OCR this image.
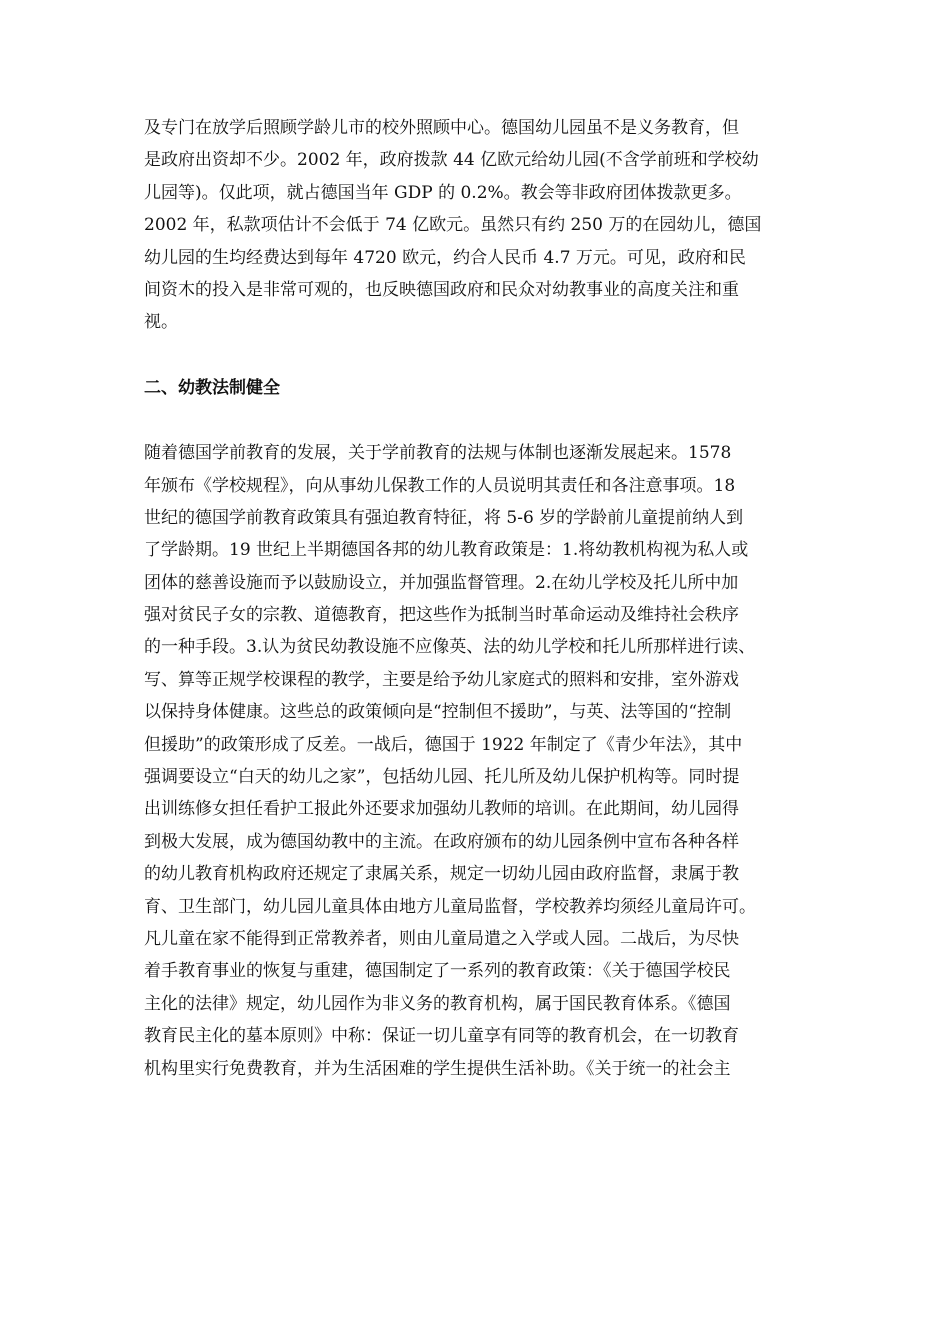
及专门在放学后照顾学龄儿市的校外照顾中心。德国幼儿园虽不是义务教育，但
是政府出资却不少。2002 年，政府拨款 44 亿欧元给幼儿园(不含学前班和学校幼
儿园等)。仅此项，就占德国当年 GDP 的 0.2%。教会等非政府团体拨款更多。
2002 年，私款项估计不会低于 74 亿欧元。虽然只有约 250 万的在园幼儿，德国
幼儿园的生均经费达到每年 4720 欧元，约合人民币 4.7 万元。可见，政府和民
间资木的投入是非常可观的，也反映德国政府和民众对幼教事业的高度关注和重
视。
二、幼教法制健全
随着德国学前教育的发展，关于学前教育的法规与体制也逐渐发展起来。1578
年颁布《学校规程》，向从事幼儿保教工作的人员说明其责任和各注意事项。18
世纪的德国学前教育政策具有强迫教育特征，将 5-6 岁的学龄前儿童提前纳人到
了学龄期。19 世纪上半期德国各邦的幼儿教育政策是：1.将幼教机构视为私人或
团体的慈善设施而予以鼓励设立，并加强监督管理。2.在幼儿学校及托儿所中加
强对贫民子女的宗教、道德教育，把这些作为抵制当时革命运动及维持社会秩序
的一种手段。3.认为贫民幼教设施不应像英、法的幼儿学校和托儿所那样进行读、
写、算等正规学校课程的教学，主要是给予幼儿家庭式的照料和安排，室外游戏
以保持身体健康。这些总的政策倾向是“控制但不援助”，与英、法等国的“控制
但援助”的政策形成了反差。一战后，德国于 1922 年制定了《青少年法》，其中
强调要设立“白天的幼儿之家”，包括幼儿园、托儿所及幼儿保护机构等。同时提
出训练修女担任看护工报此外还要求加强幼儿教师的培训。在此期间，幼儿园得
到极大发展，成为德国幼教中的主流。在政府颁布的幼儿园条例中宣布各种各样
的幼儿教育机构政府还规定了隶属关系，规定一切幼儿园由政府监督，隶属于教
育、卫生部门，幼儿园儿童具体由地方儿童局监督，学校教养均须经儿童局许可。
凡儿童在家不能得到正常教养者，则由儿童局遣之入学或人园。二战后，为尽快
着手教育事业的恢复与重建，德国制定了一系列的教育政策：《关于德国学校民
主化的法律》规定，幼儿园作为非义务的教育机构，属于国民教育体系。《德国
教育民主化的墓本原则》中称：保证一切儿童享有同等的教育机会，在一切教育
机构里实行免费教育，并为生活困难的学生提供生活补助。《关于统一的社会主
